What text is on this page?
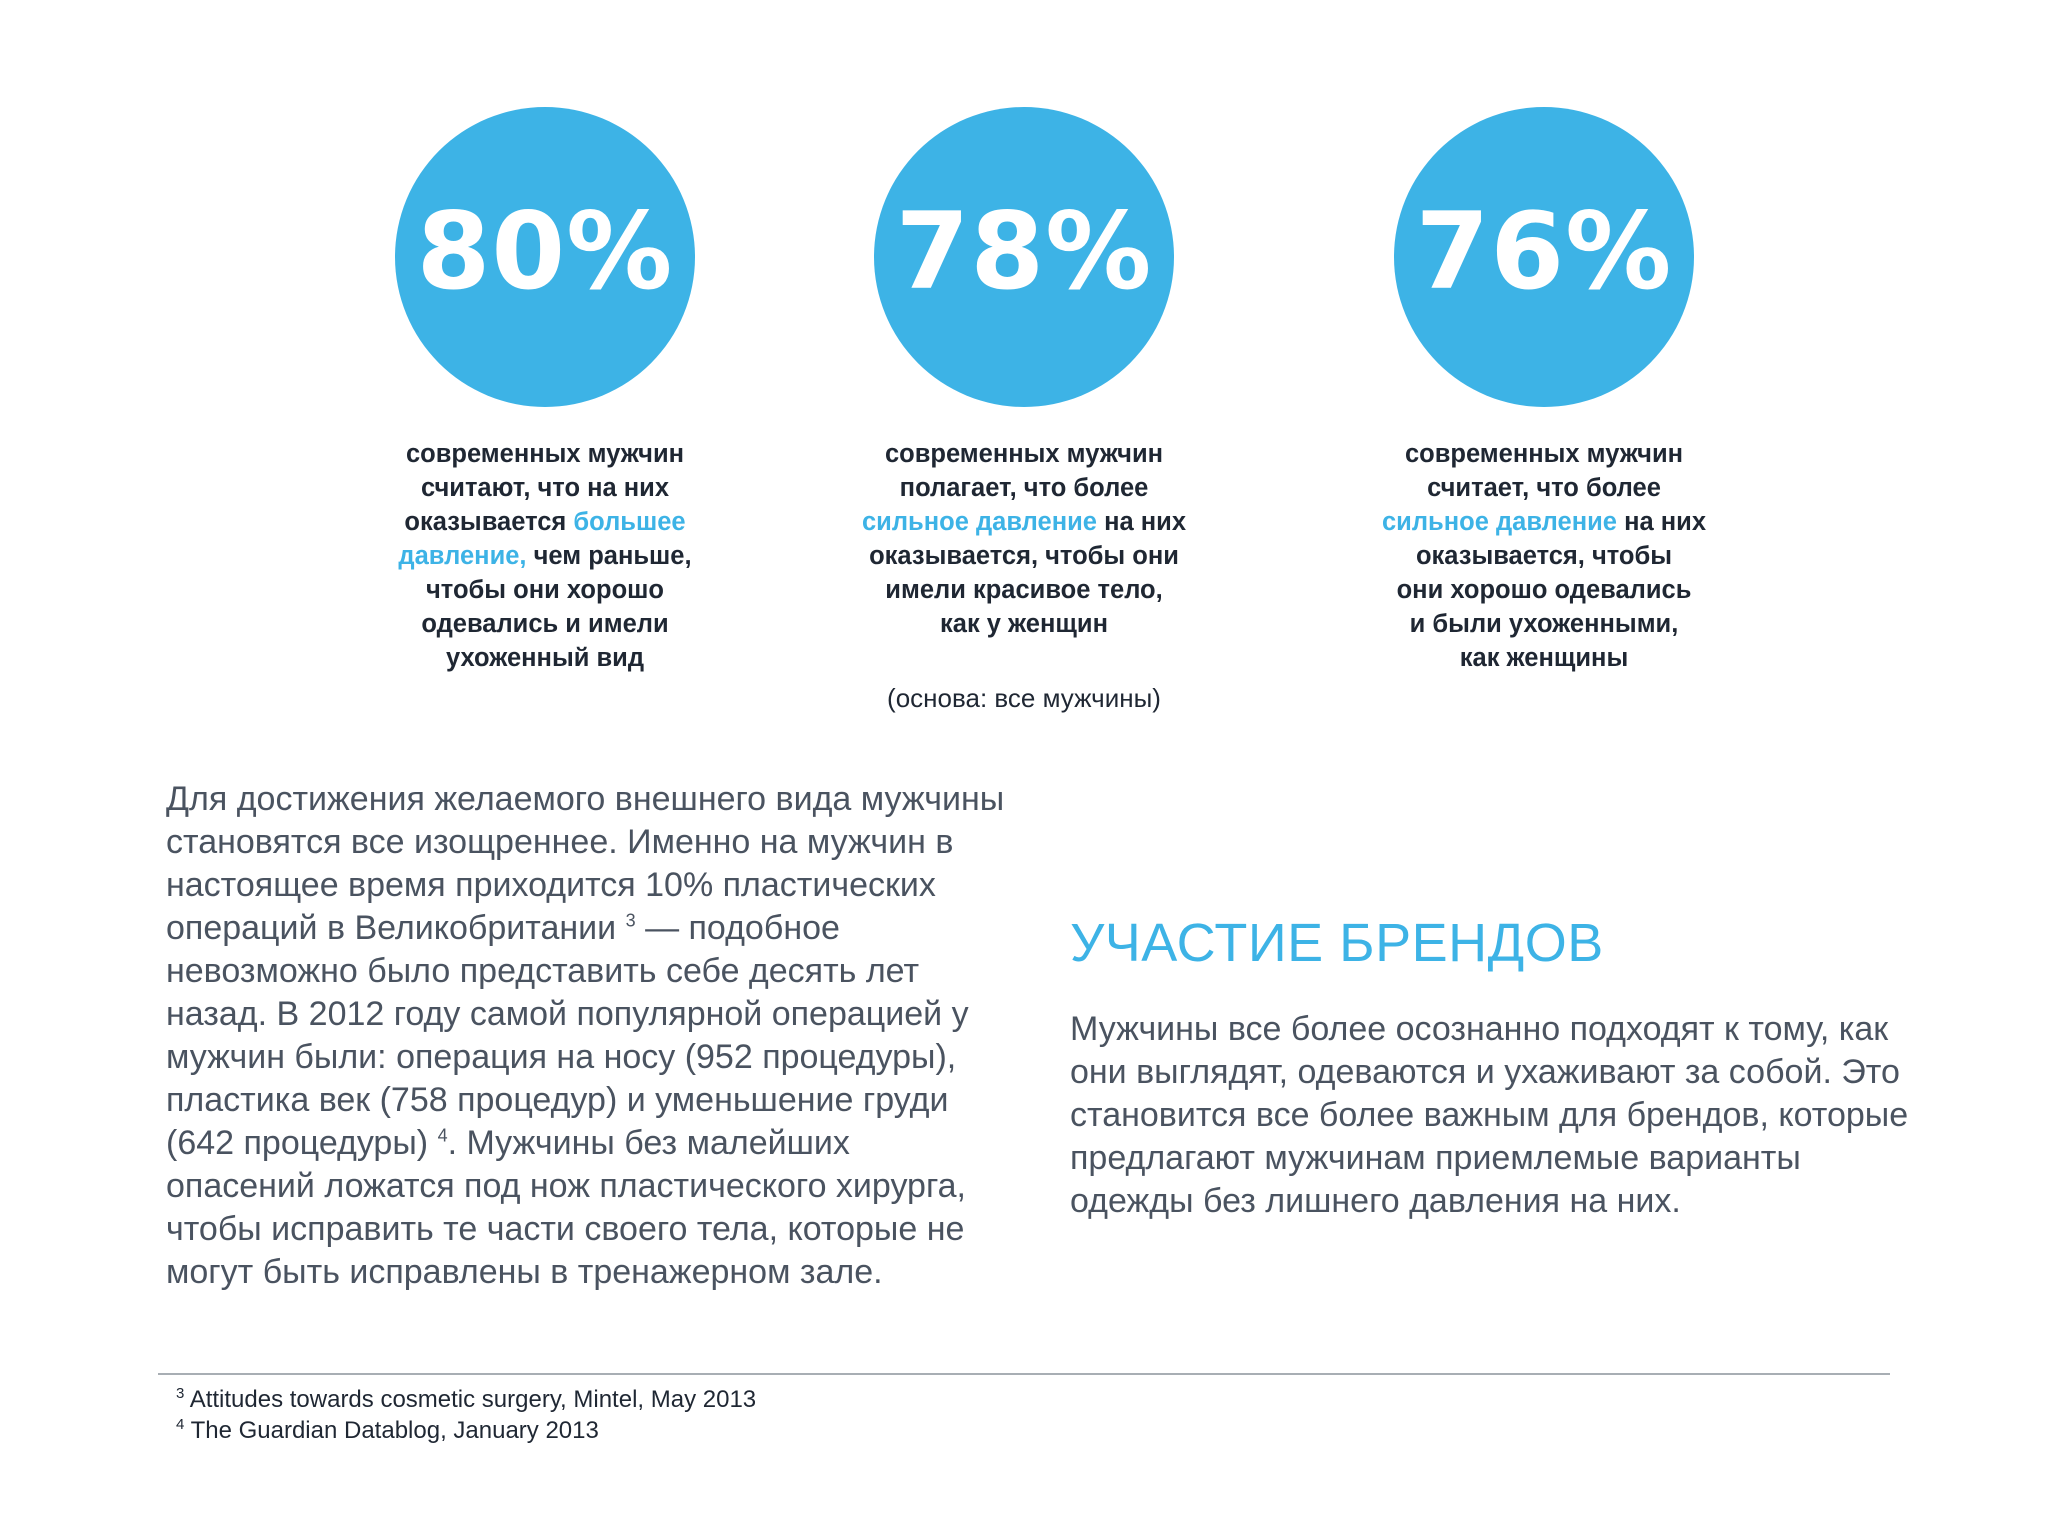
80%
современных мужчин
считают, что на них
оказывается большее
давление, чем раньше,
чтобы они хорошо
одевались и имели
ухоженный вид
78%
современных мужчин
полагает, что более
сильное давление на них
оказывается, чтобы они
имели красивое тело,
как у женщин
76%
современных мужчин
считает, что более
сильное давление на них
оказывается, чтобы
они хорошо одевались
и были ухоженными,
как женщины
(основа: все мужчины)
Для достижения желаемого внешнего вида мужчины становятся все изощреннее. Именно на мужчин в настоящее время приходится 10% пластических операций в Великобритании $^3$ — подобное невозможно было представить себе десять лет назад. В 2012 году самой популярной операцией у мужчин были: операция на носу (952 процедуры), пластика век (758 процедур) и уменьшение груди (642 процедуры) $^4$. Мужчины без малейших опасений ложатся под нож пластического хирурга, чтобы исправить те части своего тела, которые не могут быть исправлены в тренажерном зале.
УЧАСТИЕ БРЕНДОВ
Мужчины все более осознанно подходят к тому, как они выглядят, одеваются и ухаживают за собой. Это становится все более важным для брендов, которые предлагают мужчинам приемлемые варианты одежды без лишнего давления на них.
$^3$ Attitudes towards cosmetic surgery, Mintel, May 2013
$^4$ The Guardian Datablog, January 2013
